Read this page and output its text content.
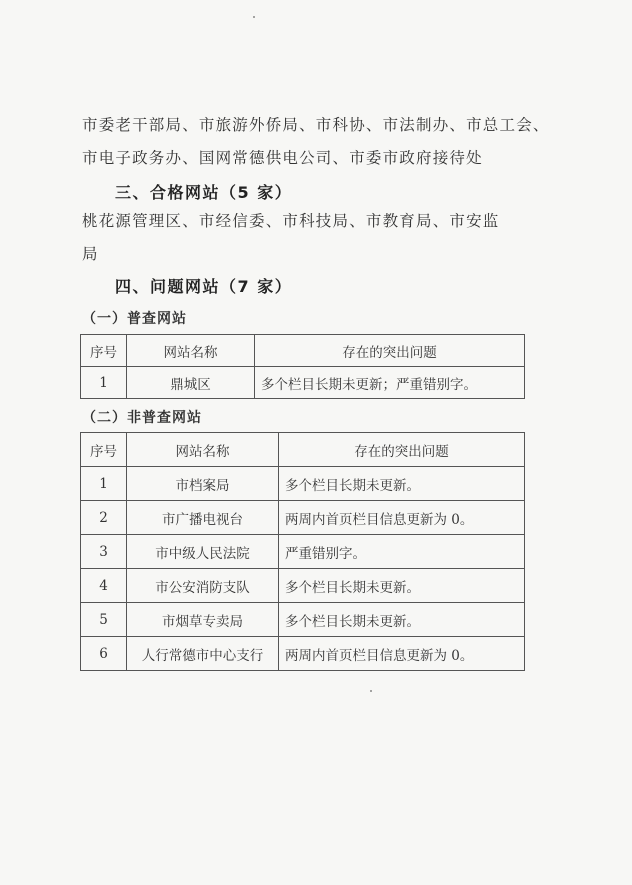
市委老干部局、市旅游外侨局、市科协、市法制办、市总工会、
市电子政务办、国网常德供电公司、市委市政府接待处
三、合格网站（5 家）
桃花源管理区、市经信委、市科技局、市教育局、市安监
局
四、问题网站（7 家）
（一）普查网站
序号	网站名称	存在的突出问题
1	鼎城区	多个栏目长期未更新；严重错别字。
（二）非普查网站
序号	网站名称	存在的突出问题
1	市档案局	多个栏目长期未更新。
2	市广播电视台	两周内首页栏目信息更新为 0。
3	市中级人民法院	严重错别字。
4	市公安消防支队	多个栏目长期未更新。
5	市烟草专卖局	多个栏目长期未更新。
6	人行常德市中心支行	两周内首页栏目信息更新为 0。
